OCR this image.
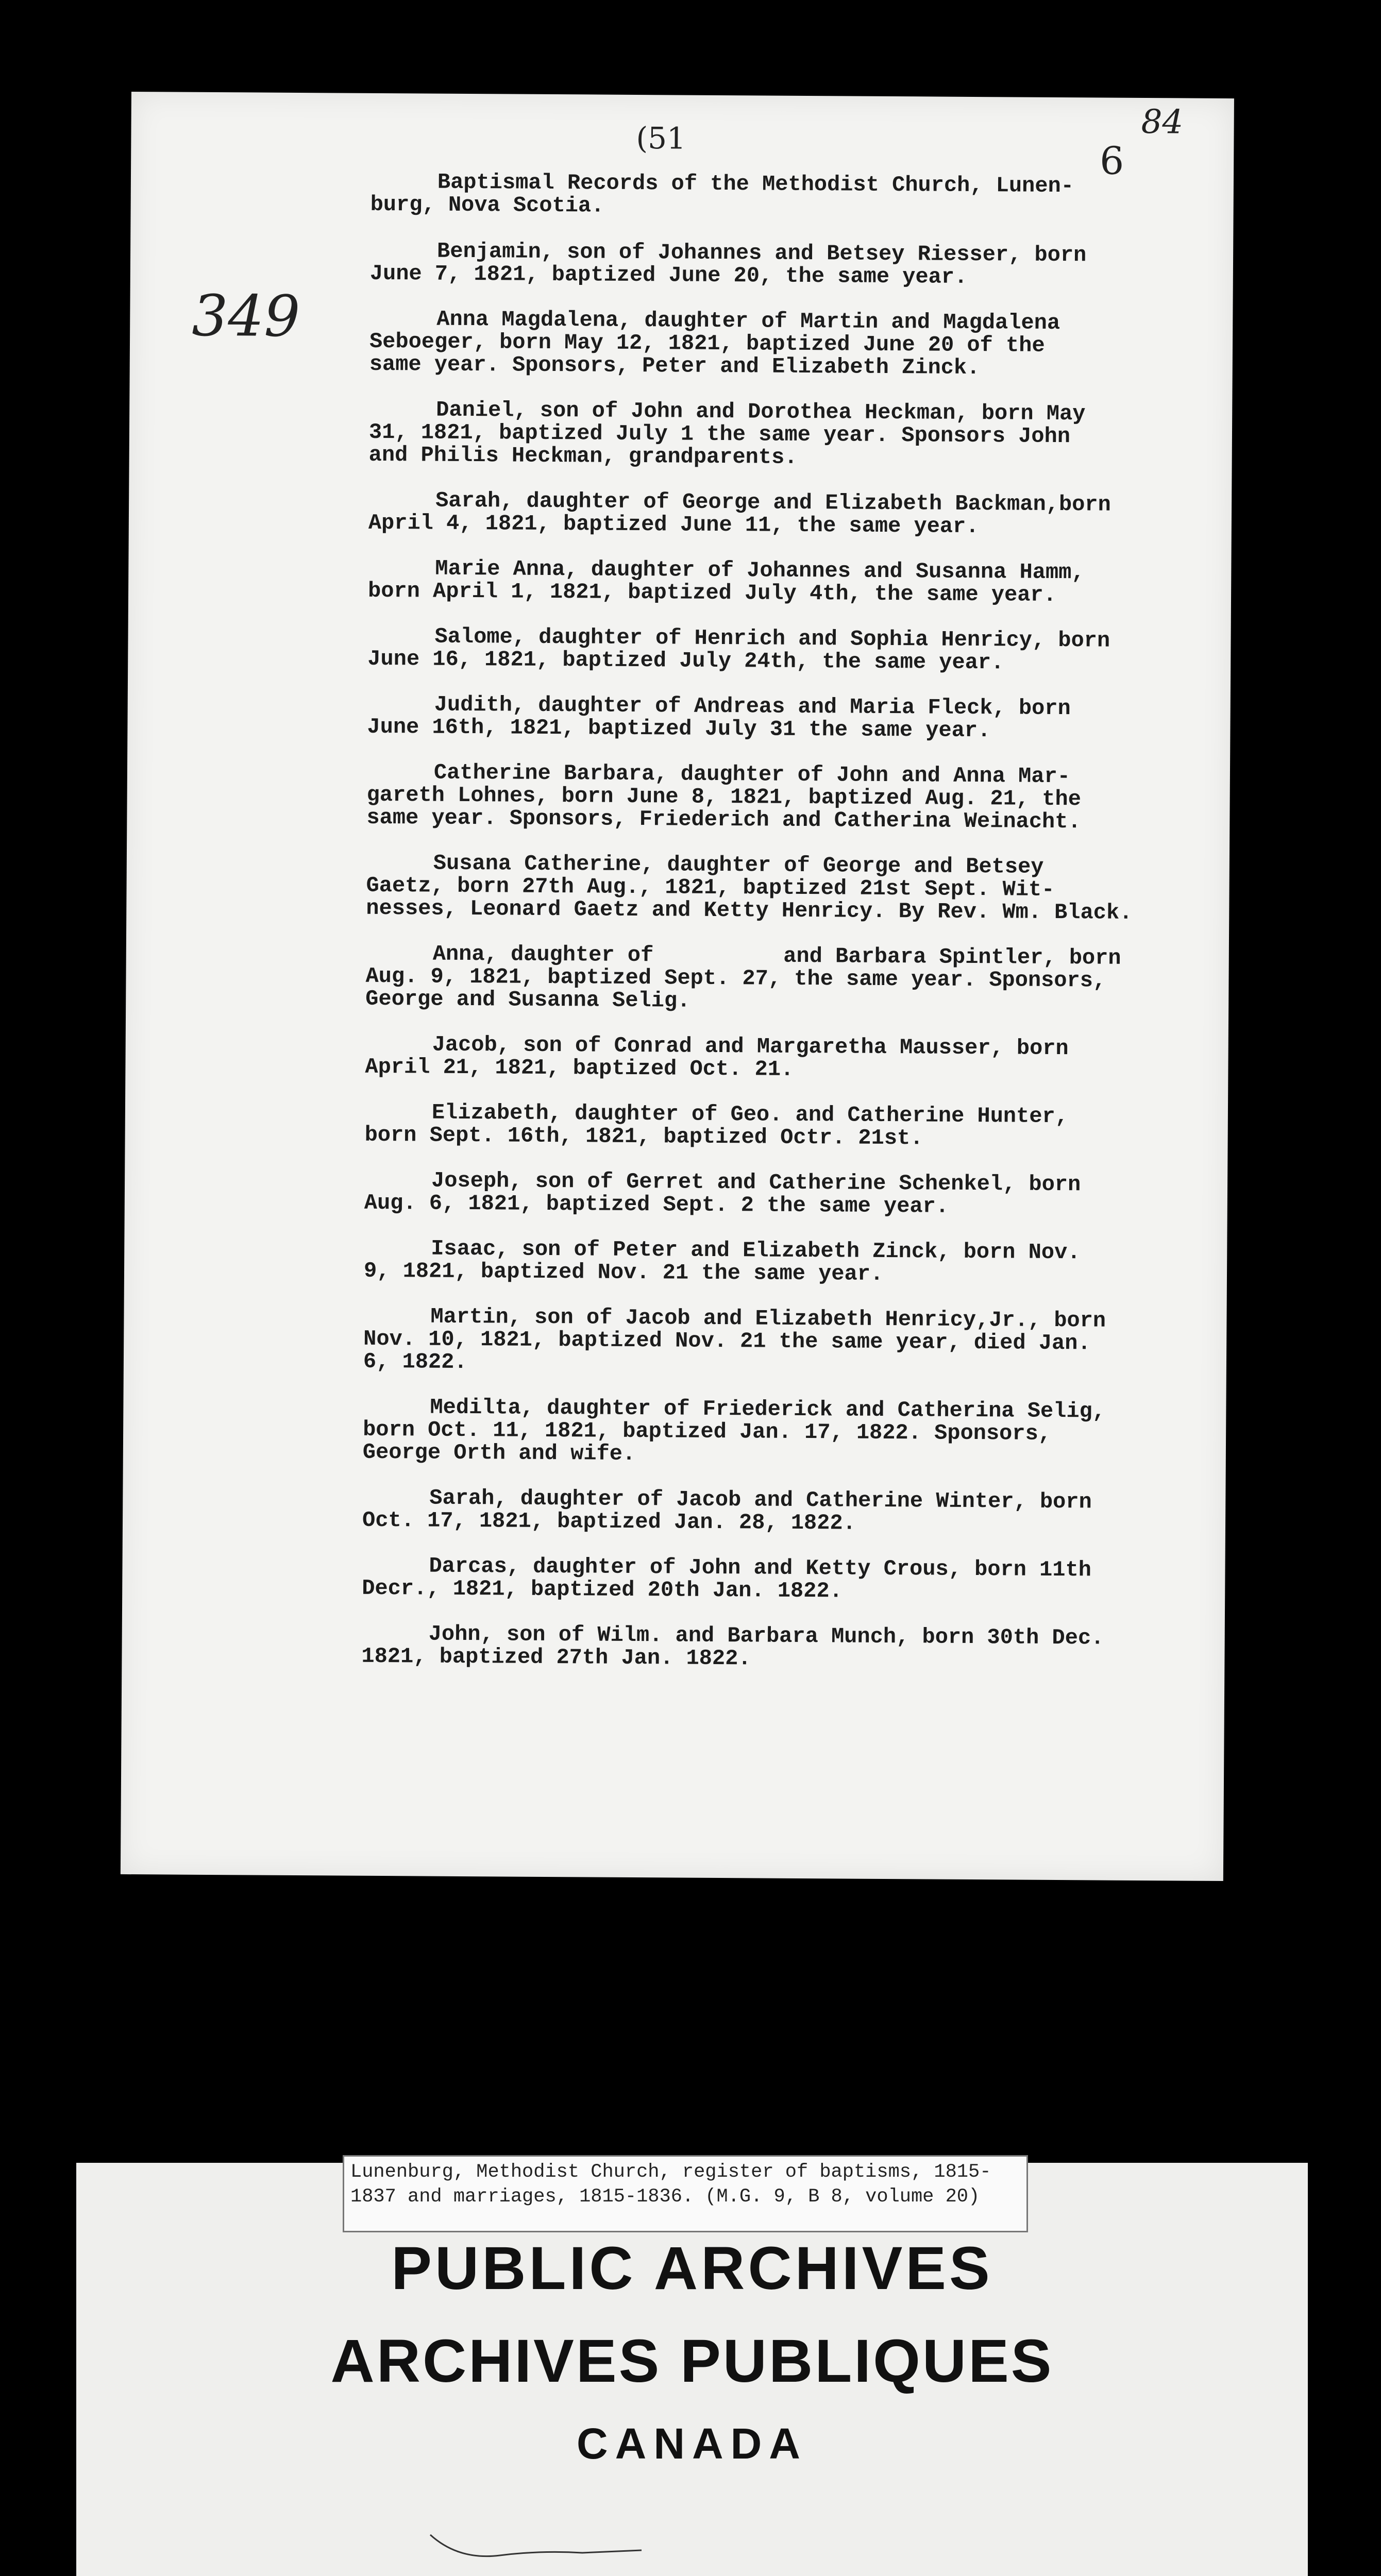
(51	84
6
349

Baptismal Records of the Methodist Church, Lunen-
burg, Nova Scotia.

Benjamin, son of Johannes and Betsey Riesser, born
June 7, 1821, baptized June 20, the same year.

Anna Magdalena, daughter of Martin and Magdalena
Seboeger, born May 12, 1821, baptized June 20 of the
same year. Sponsors, Peter and Elizabeth Zinck.

Daniel, son of John and Dorothea Heckman, born May
31, 1821, baptized July 1 the same year. Sponsors John
and Philis Heckman, grandparents.

Sarah, daughter of George and Elizabeth Backman,born
April 4, 1821, baptized June 11, the same year.

Marie Anna, daughter of Johannes and Susanna Hamm,
born April 1, 1821, baptized July 4th, the same year.

Salome, daughter of Henrich and Sophia Henricy, born
June 16, 1821, baptized July 24th, the same year.

Judith, daughter of Andreas and Maria Fleck, born
June 16th, 1821, baptized July 31 the same year.

Catherine Barbara, daughter of John and Anna Mar-
gareth Lohnes, born June 8, 1821, baptized Aug. 21, the
same year. Sponsors, Friederich and Catherina Weinacht.

Susana Catherine, daughter of George and Betsey
Gaetz, born 27th Aug., 1821, baptized 21st Sept. Wit-
nesses, Leonard Gaetz and Ketty Henricy. By Rev. Wm. Black.

Anna, daughter of          and Barbara Spintler, born
Aug. 9, 1821, baptized Sept. 27, the same year. Sponsors,
George and Susanna Selig.

Jacob, son of Conrad and Margaretha Mausser, born
April 21, 1821, baptized Oct. 21.

Elizabeth, daughter of Geo. and Catherine Hunter,
born Sept. 16th, 1821, baptized Octr. 21st.

Joseph, son of Gerret and Catherine Schenkel, born
Aug. 6, 1821, baptized Sept. 2 the same year.

Isaac, son of Peter and Elizabeth Zinck, born Nov.
9, 1821, baptized Nov. 21 the same year.

Martin, son of Jacob and Elizabeth Henricy,Jr., born
Nov. 10, 1821, baptized Nov. 21 the same year, died Jan.
6, 1822.

Medilta, daughter of Friederick and Catherina Selig,
born Oct. 11, 1821, baptized Jan. 17, 1822. Sponsors,
George Orth and wife.

Sarah, daughter of Jacob and Catherine Winter, born
Oct. 17, 1821, baptized Jan. 28, 1822.

Darcas, daughter of John and Ketty Crous, born 11th
Decr., 1821, baptized 20th Jan. 1822.

John, son of Wilm. and Barbara Munch, born 30th Dec.
1821, baptized 27th Jan. 1822.

Lunenburg, Methodist Church, register of baptisms, 1815-
1837 and marriages, 1815-1836. (M.G. 9, B 8, volume 20)
PUBLIC ARCHIVES
ARCHIVES PUBLIQUES
CANADA
